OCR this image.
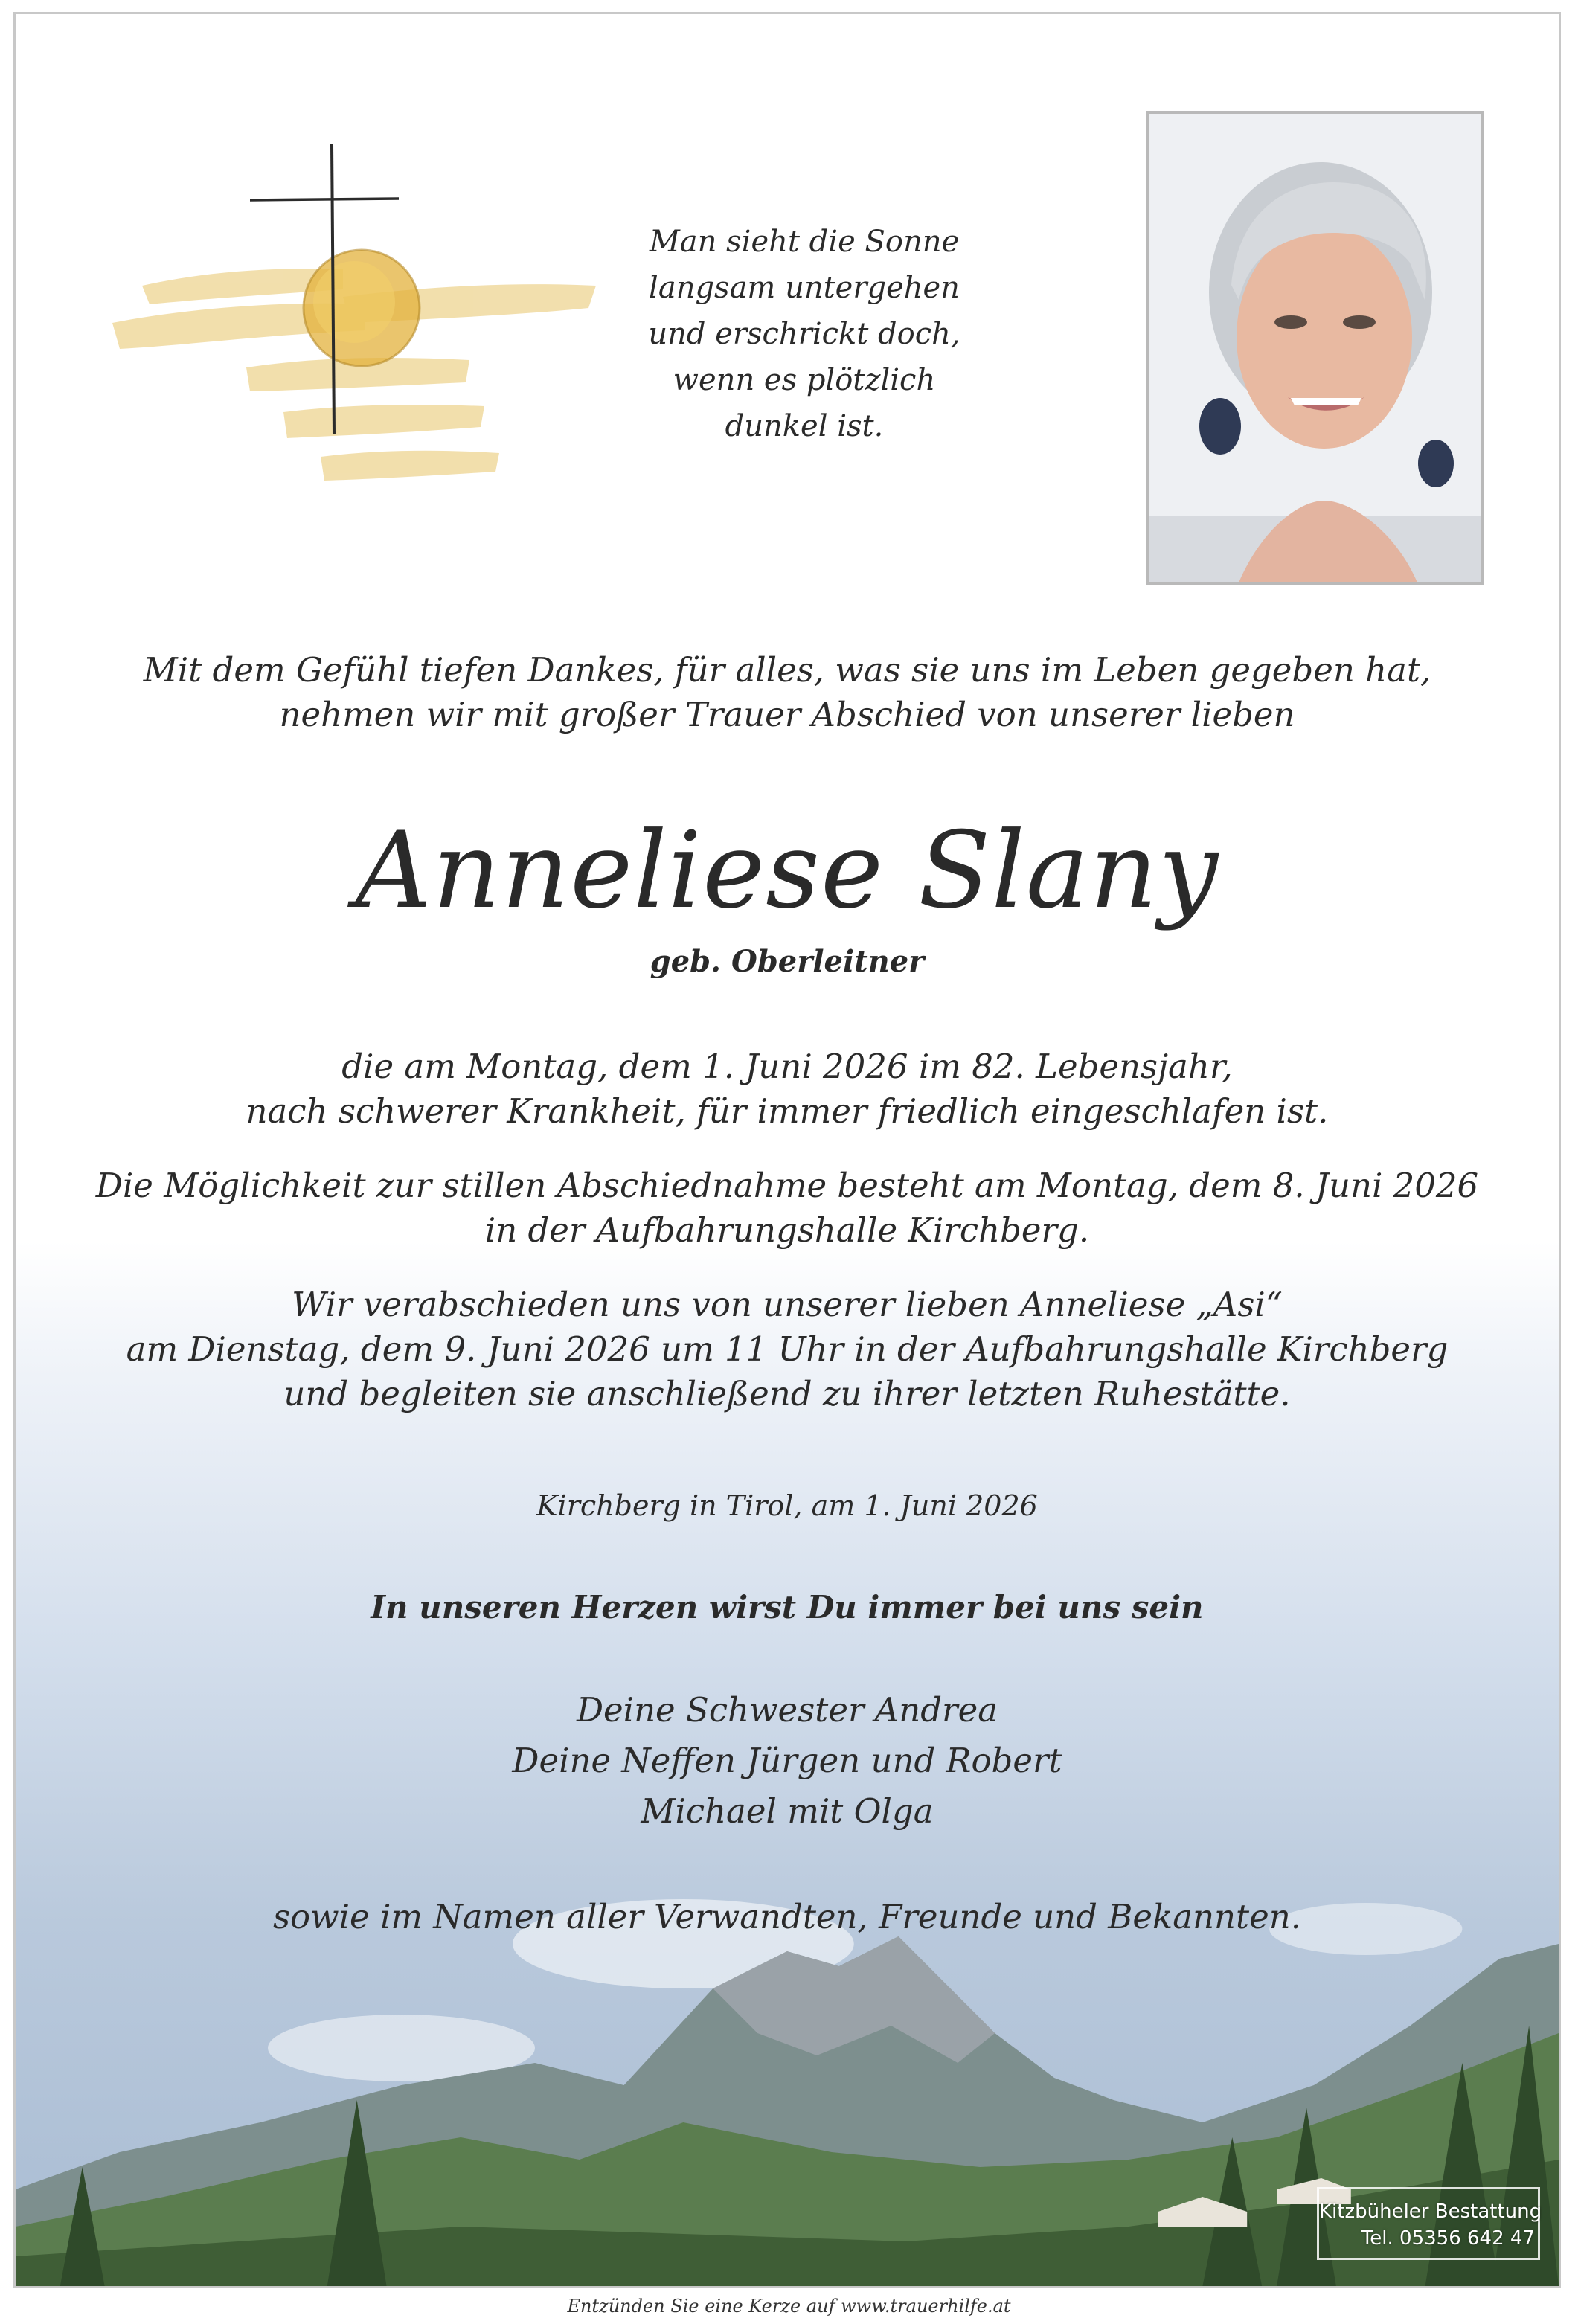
Man sieht die Sonne
langsam untergehen
und erschrickt doch,
wenn es plötzlich
dunkel ist.
Mit dem Gefühl tiefen Dankes, für alles, was sie uns im Leben gegeben hat,
nehmen wir mit großer Trauer Abschied von unserer lieben
Anneliese Slany
geb. Oberleitner
die am Montag, dem 1. Juni 2026 im 82. Lebensjahr,
nach schwerer Krankheit, für immer friedlich eingeschlafen ist.
Die Möglichkeit zur stillen Abschiednahme besteht am Montag, dem 8. Juni 2026
in der Aufbahrungshalle Kirchberg.
Wir verabschieden uns von unserer lieben Anneliese „Asi“
am Dienstag, dem 9. Juni 2026 um 11 Uhr in der Aufbahrungshalle Kirchberg
und begleiten sie anschließend zu ihrer letzten Ruhestätte.
Kirchberg in Tirol, am 1. Juni 2026
In unseren Herzen wirst Du immer bei uns sein
Deine Schwester Andrea
Deine Neffen Jürgen und Robert
Michael mit Olga
sowie im Namen aller Verwandten, Freunde und Bekannten.
Kitzbüheler Bestattung
Tel. 05356 642 47
Entzünden Sie eine Kerze auf www.trauerhilfe.at
